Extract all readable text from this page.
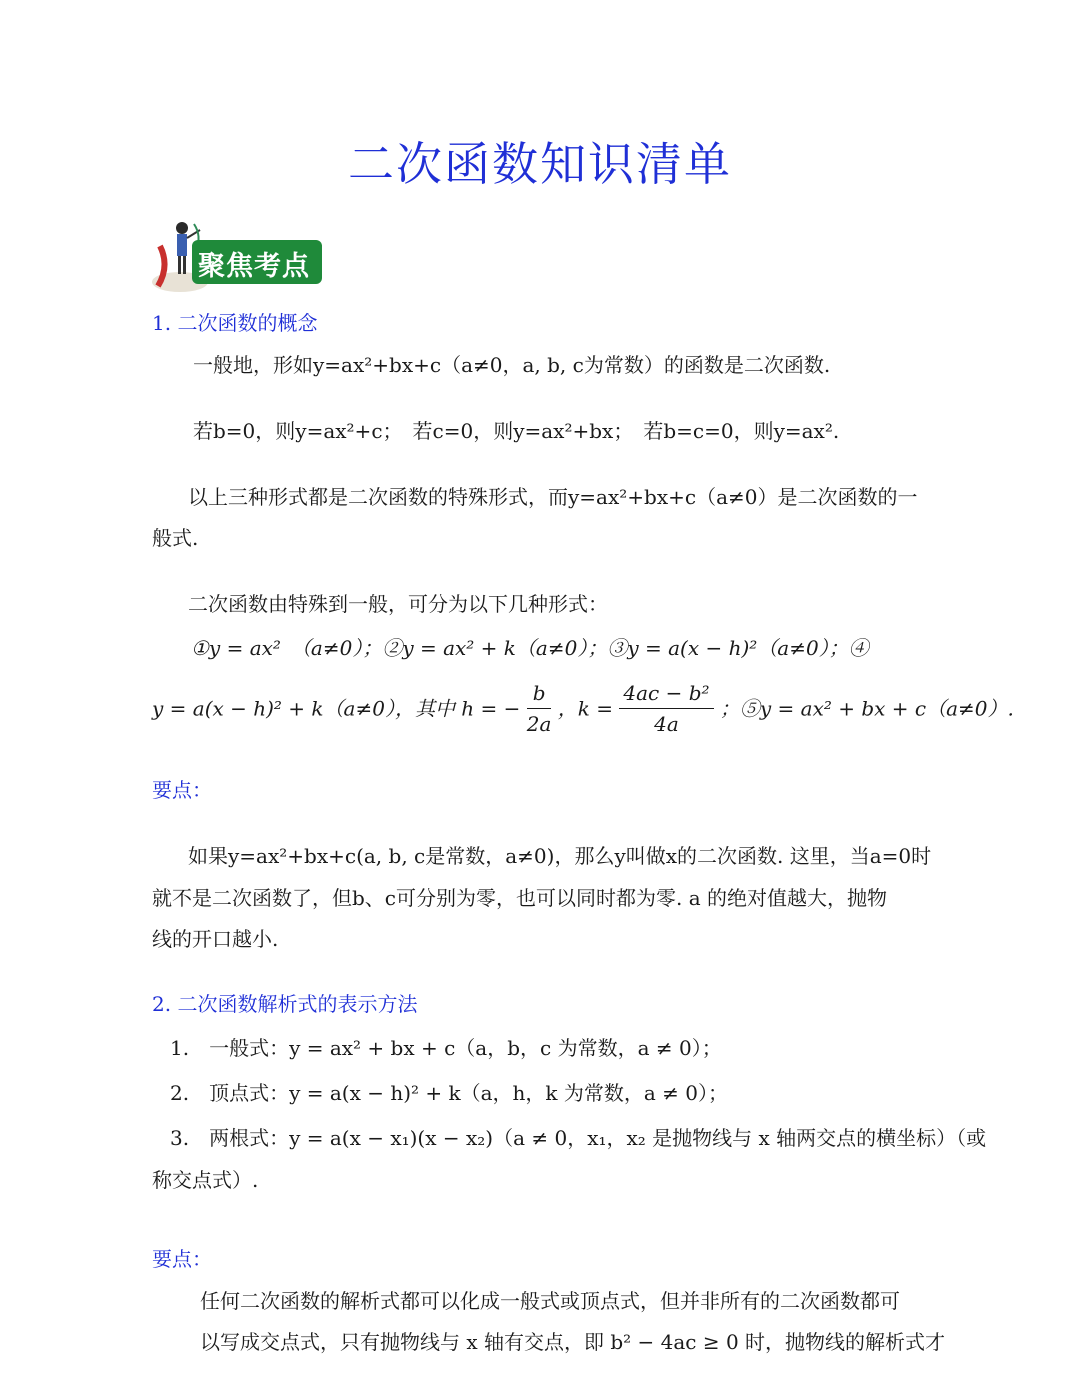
二次函数知识清单
聚焦考点
1. 二次函数的概念
一般地，形如y=ax²+bx+c（a≠0，a, b, c为常数）的函数是二次函数.
若b=0，则y=ax²+c；　若c=0，则y=ax²+bx；　若b=c=0，则y=ax².
以上三种形式都是二次函数的特殊形式，而y=ax²+bx+c（a≠0）是二次函数的一
般式.
二次函数由特殊到一般，可分为以下几种形式：
①y = ax²　（a≠0）；②y = ax² + k（a≠0）；③y = a(x − h)²（a≠0）；④
y = a(x − h)² + k（a≠0），其中 h = − $\frac{b}{2a}$ ，$k = \frac{\text{4ac − b²}}{4a}$ ；⑤y = ax² + bx + c（a≠0）.
要点：
如果y=ax²+bx+c(a, b, c是常数，a≠0)，那么y叫做x的二次函数. 这里，当a=0时
就不是二次函数了，但b、c可分别为零，也可以同时都为零. a 的绝对值越大，抛物
线的开口越小.
2. 二次函数解析式的表示方法
1.　一般式：y = ax² + bx + c（a，b，c 为常数，a ≠ 0）；
2.　顶点式：y = a(x − h)² + k（a，h，k 为常数，a ≠ 0）；
3.　两根式：y = a(x − x₁)(x − x₂)（a ≠ 0，x₁，x₂ 是抛物线与 x 轴两交点的横坐标）（或
称交点式）.
要点：
任何二次函数的解析式都可以化成一般式或顶点式，但并非所有的二次函数都可
以写成交点式，只有抛物线与 x 轴有交点，即 b² − 4ac ≥ 0 时，抛物线的解析式才
